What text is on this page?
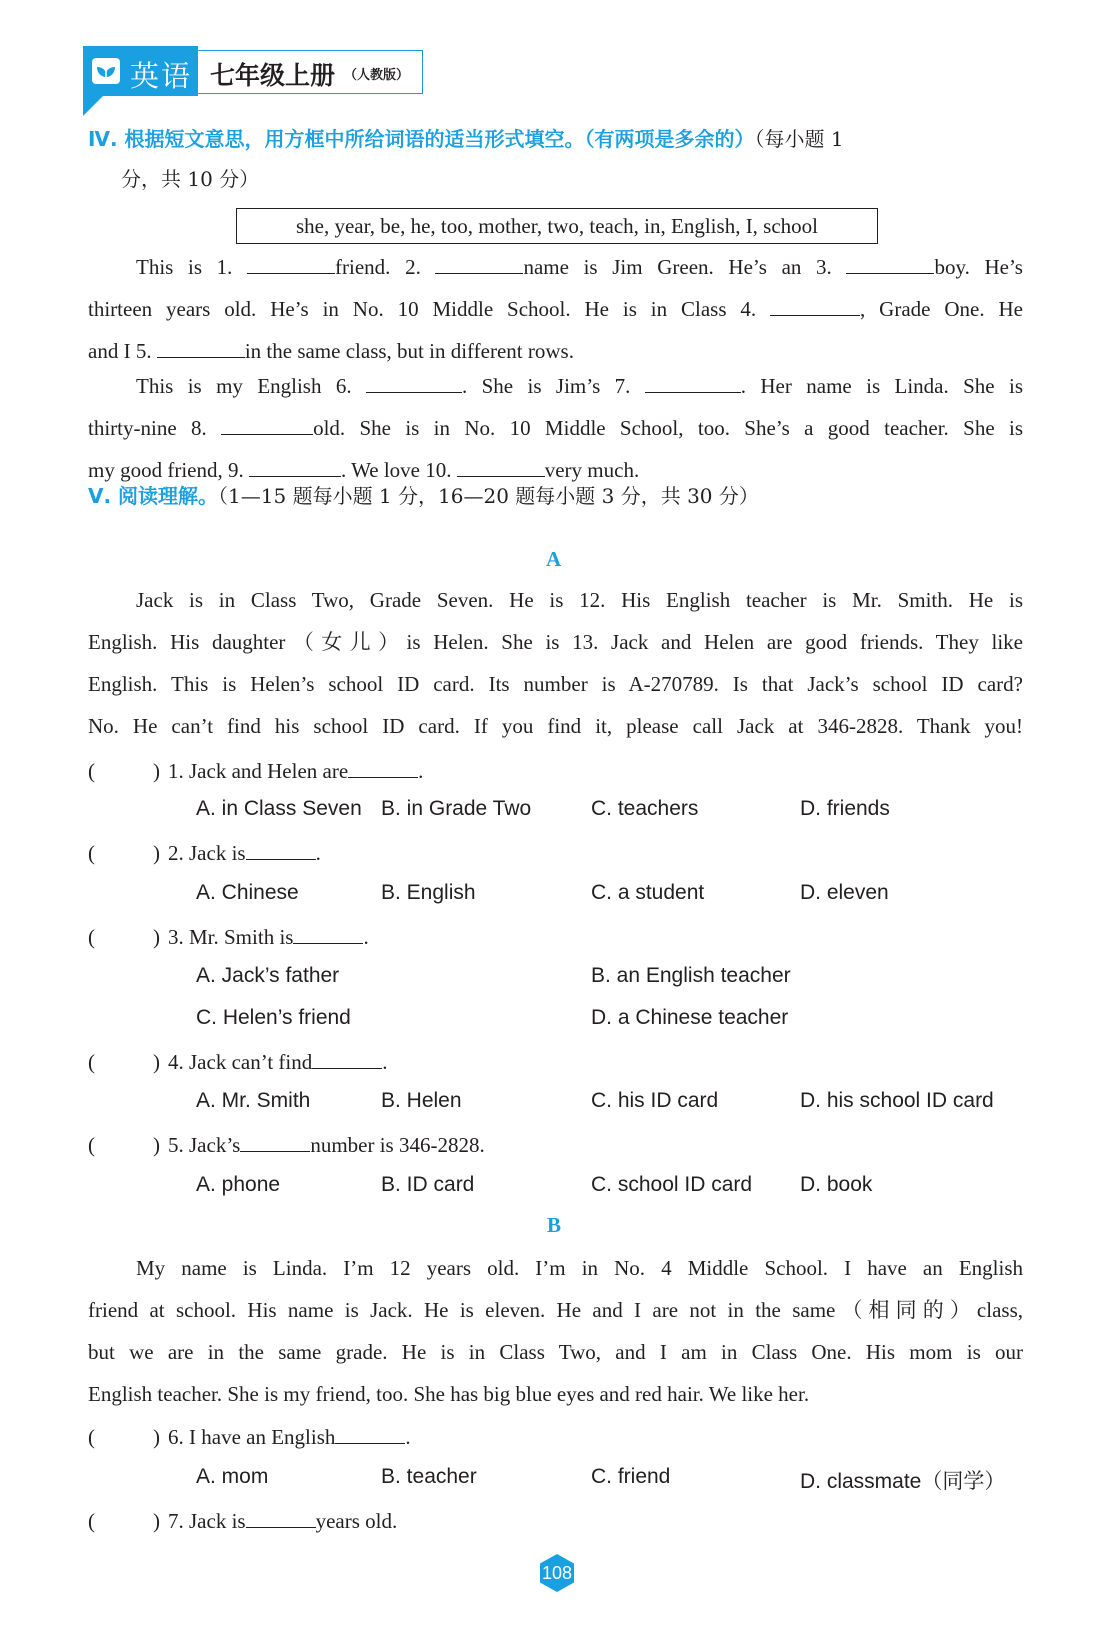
英语 七年级上册 （人教版）
Ⅳ. 根据短文意思，用方框中所给词语的适当形式填空。（有两项是多余的）（每小题 1
分，共 10 分）
she, year, be, he, too, mother, two, teach, in, English, I, school
This is 1.	friend. 2.	name is Jim Green. He’s an 3.	boy. He’s
thirteen years old. He’s in No. 10 Middle School. He is in Class 4.	, Grade One. He
and I 5.	in the same class, but in different rows.
This is my English 6.	. She is Jim’s 7.	. Her name is Linda. She is
thirty-nine 8.	old. She is in No. 10 Middle School, too. She’s a good teacher. She is
my good friend, 9.	. We love 10.	very much.
Ⅴ. 阅读理解。（1—15 题每小题 1 分，16—20 题每小题 3 分，共 30 分）
A
Jack is in Class Two, Grade Seven. He is 12. His English teacher is Mr. Smith. He is
English. His daughter（女儿）is Helen. She is 13. Jack and Helen are good friends. They like
English. This is Helen’s school ID card. Its number is A-270789. Is that Jack’s school ID card?
No. He can’t find his school ID card. If you find it, please call Jack at 346-2828. Thank you!
(	) 1. Jack and Helen are	.
A. in Class Seven B. in Grade Two	C. teachers	D. friends
(	) 2. Jack is	.
A. Chinese	B. English	C. a student	D. eleven
(	) 3. Mr. Smith is	.
A. Jack’s father	B. an English teacher
C. Helen’s friend	D. a Chinese teacher
(	) 4. Jack can’t find	.
A. Mr. Smith	B. Helen	C. his ID card	D. his school ID card
(	) 5. Jack’s	number is 346-2828.
A. phone	B. ID card	C. school ID card D. book
B
My name is Linda. I’m 12 years old. I’m in No. 4 Middle School. I have an English
friend at school. His name is Jack. He is eleven. He and I are not in the same（相同的）class,
but we are in the same grade. He is in Class Two, and I am in Class One. His mom is our
English teacher. She is my friend, too. She has big blue eyes and red hair. We like her.
(	) 6. I have an English	.
A. mom	B. teacher	C. friend	D. classmate（同学）
(	) 7. Jack is	years old.
108
